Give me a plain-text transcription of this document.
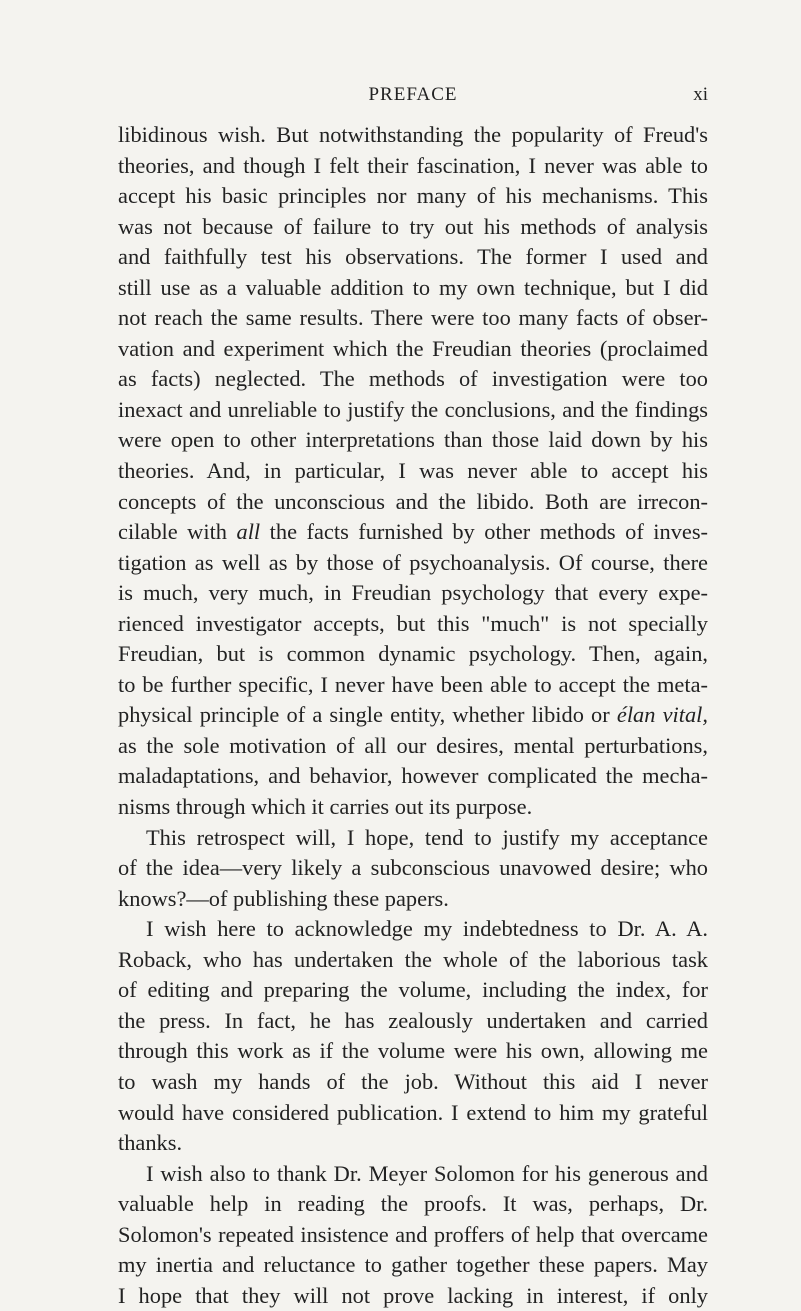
PREFACE	xi
libidinous wish. But notwithstanding the popularity of Freud's
theories, and though I felt their fascination, I never was able to
accept his basic principles nor many of his mechanisms. This
was not because of failure to try out his methods of analysis
and faithfully test his observations. The former I used and
still use as a valuable addition to my own technique, but I did
not reach the same results. There were too many facts of obser-
vation and experiment which the Freudian theories (proclaimed
as facts) neglected. The methods of investigation were too
inexact and unreliable to justify the conclusions, and the findings
were open to other interpretations than those laid down by his
theories. And, in particular, I was never able to accept his
concepts of the unconscious and the libido. Both are irrecon-
cilable with all the facts furnished by other methods of inves-
tigation as well as by those of psychoanalysis. Of course, there
is much, very much, in Freudian psychology that every expe-
rienced investigator accepts, but this "much" is not specially
Freudian, but is common dynamic psychology. Then, again,
to be further specific, I never have been able to accept the meta-
physical principle of a single entity, whether libido or élan vital,
as the sole motivation of all our desires, mental perturbations,
maladaptations, and behavior, however complicated the mecha-
nisms through which it carries out its purpose.
This retrospect will, I hope, tend to justify my acceptance
of the idea—very likely a subconscious unavowed desire; who
knows?—of publishing these papers.
I wish here to acknowledge my indebtedness to Dr. A. A.
Roback, who has undertaken the whole of the laborious task
of editing and preparing the volume, including the index, for
the press. In fact, he has zealously undertaken and carried
through this work as if the volume were his own, allowing me
to wash my hands of the job. Without this aid I never
would have considered publication. I extend to him my grateful
thanks.
I wish also to thank Dr. Meyer Solomon for his generous and
valuable help in reading the proofs. It was, perhaps, Dr.
Solomon's repeated insistence and proffers of help that overcame
my inertia and reluctance to gather together these papers. May
I hope that they will not prove lacking in interest, if only
